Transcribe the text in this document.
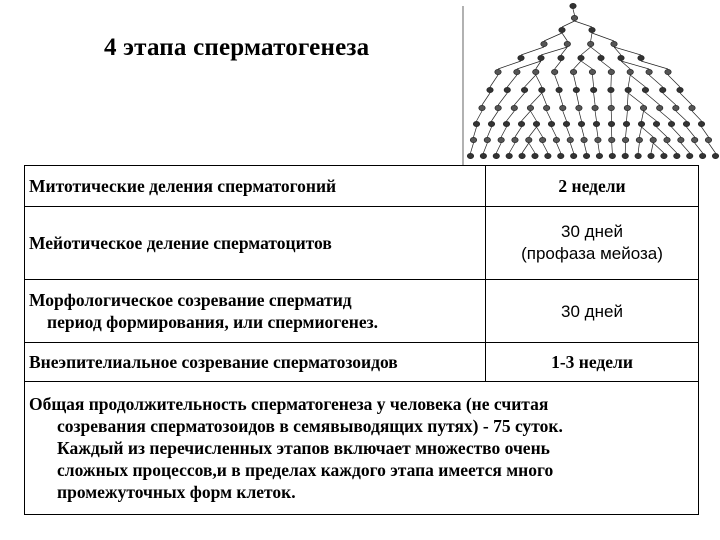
4 этапа сперматогенеза
Митотические деления сперматогоний	2 недели
Мейотическое деление сперматоцитов	30 дней
(профаза мейоза)

Морфологическое созревание сперматид
период формирования, или спермиогенез.	30 дней
Внеэпителиальное созревание сперматозоидов	1-3 недели

Общая продолжительность сперматогенеза у человека (не считая
созревания сперматозоидов в семявыводящих путях) - 75 суток.
Каждый из перечисленных этапов включает множество очень
сложных процессов,и в пределах каждого этапа имеется много
промежуточных форм клеток.	
